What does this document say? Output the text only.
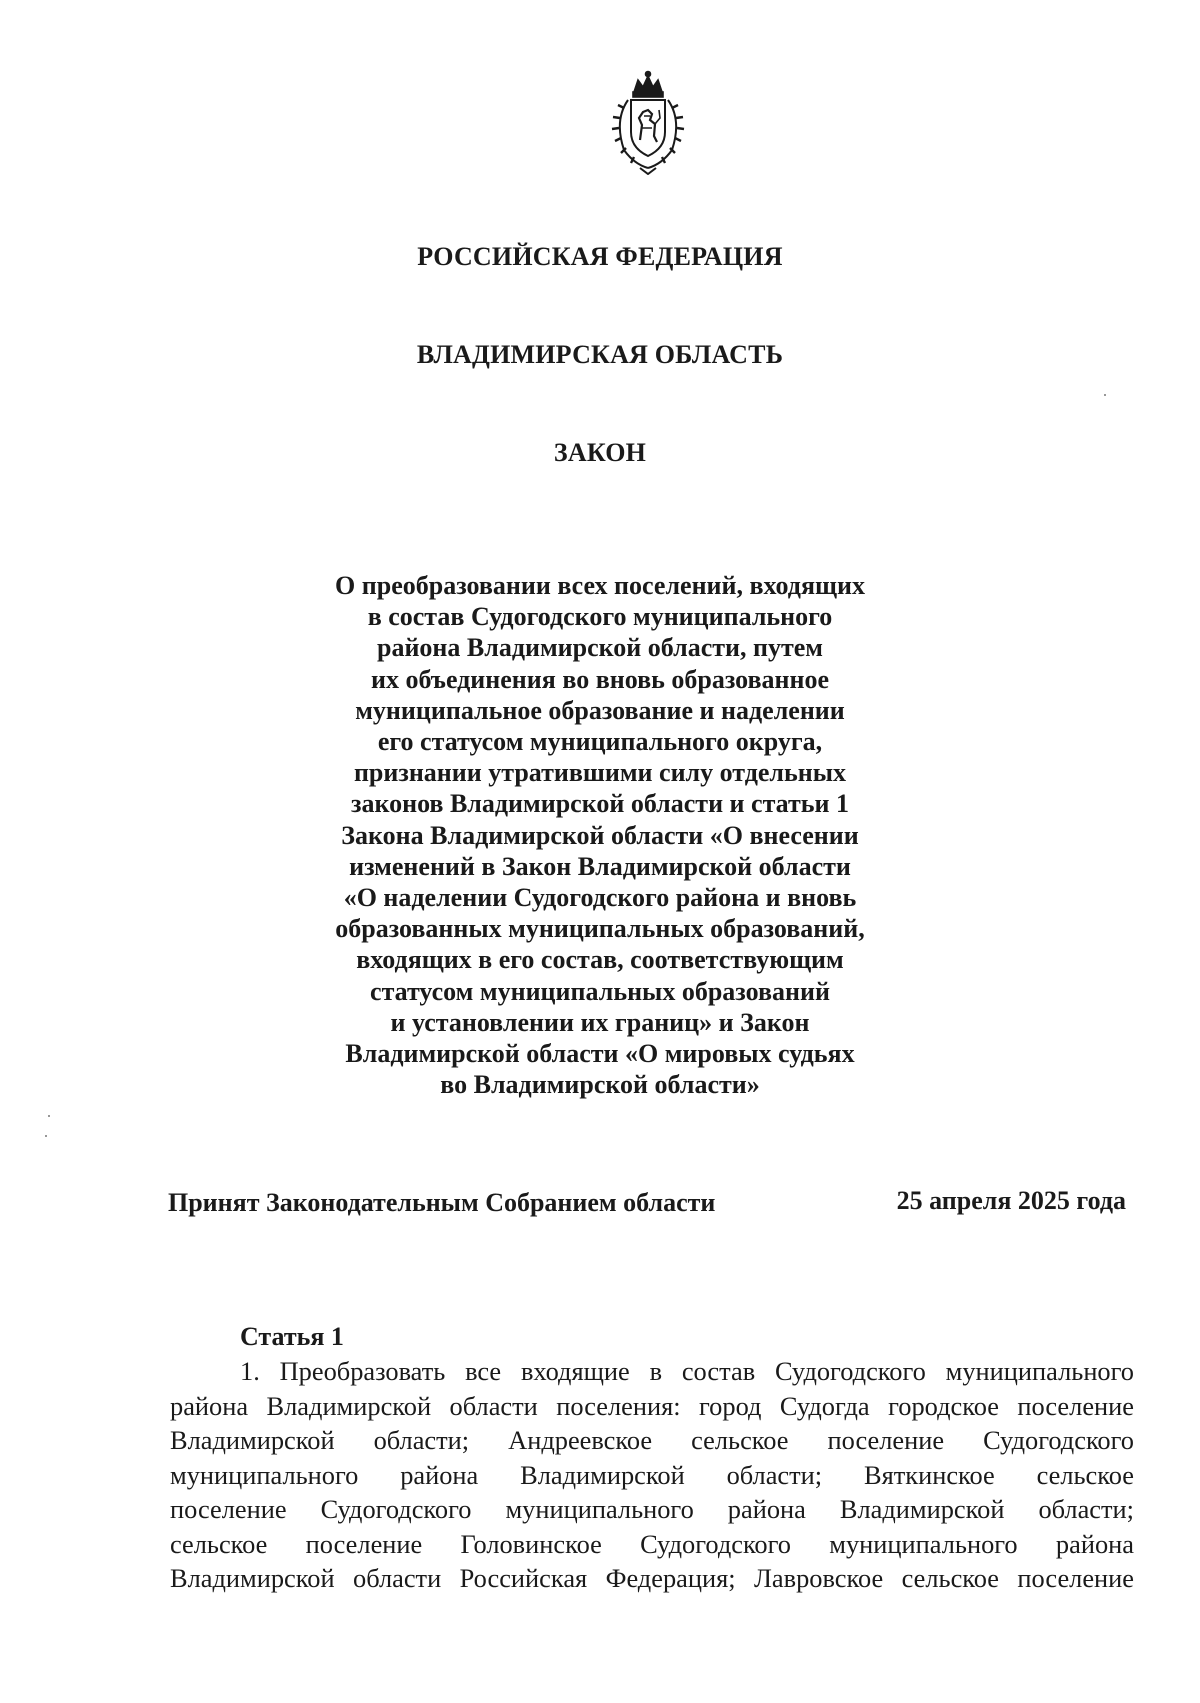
РОССИЙСКАЯ ФЕДЕРАЦИЯ
ВЛАДИМИРСКАЯ ОБЛАСТЬ
ЗАКОН
О преобразовании всех поселений, входящих
в состав Судогодского муниципального
района Владимирской области, путем
их объединения во вновь образованное
муниципальное образование и наделении
его статусом муниципального округа,
признании утратившими силу отдельных
законов Владимирской области и статьи 1
Закона Владимирской области «О внесении
изменений в Закон Владимирской области
«О наделении Судогодского района и вновь
образованных муниципальных образований,
входящих в его состав, соответствующим
статусом муниципальных образований
и установлении их границ» и Закон
Владимирской области «О мировых судьях
во Владимирской области»

Принят Законодательным Собранием области	25 апреля 2025 года

Статья 1
1. Преобразовать все входящие в состав Судогодского муниципального
района Владимирской области поселения: город Судогда городское поселение
Владимирской области; Андреевское сельское поселение Судогодского
муниципального района Владимирской области; Вяткинское сельское
поселение Судогодского муниципального района Владимирской области;
сельское поселение Головинское Судогодского муниципального района
Владимирской области Российская Федерация; Лавровское сельское поселение
